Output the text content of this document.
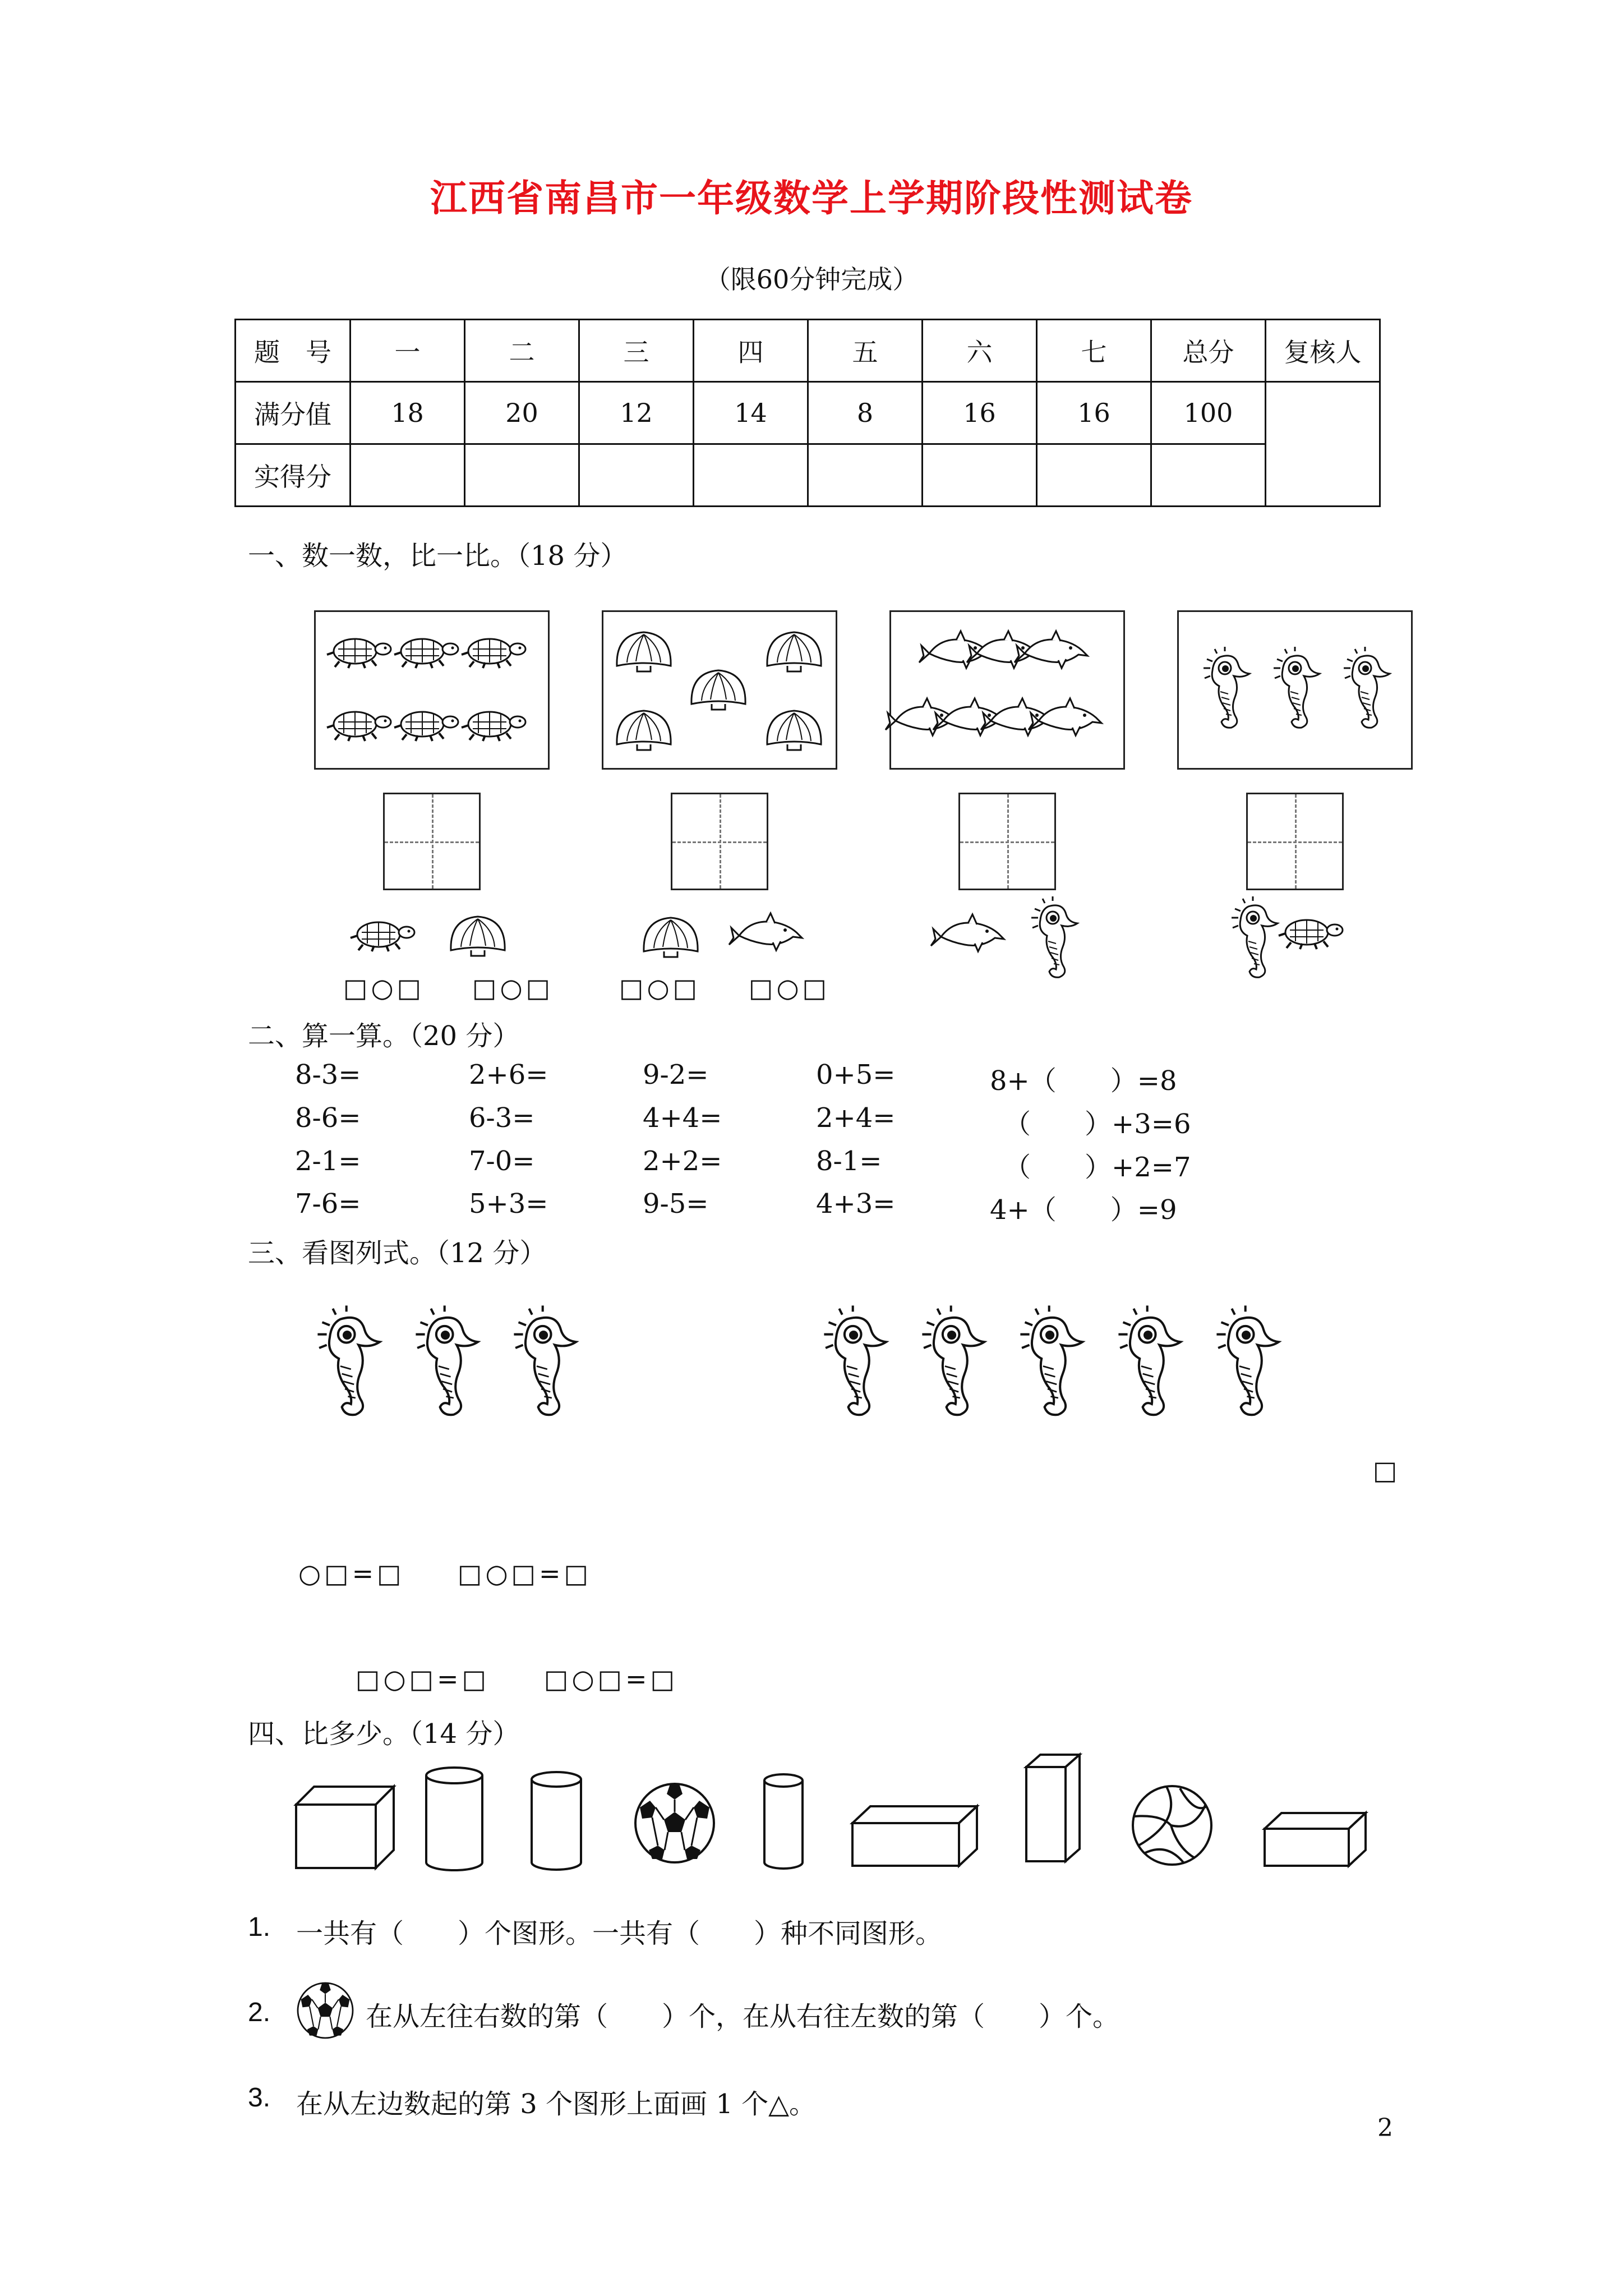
江西省南昌市一年级数学上学期阶段性测试卷
（限60分钟完成）
题　号	一	二	三	四	五	六	七	总分	复核人
满分值	18	20	12	14	8	16	16	100	
实得分									
一、数一数，比一比。（18 分）
□○□ □○□	□○□ □○□
二、算一算。（20 分）
8-3=	2+6=	9-2=	0+5=	8+（　　）=8
8-6=	6-3=	4+4=	2+4=	（　　）+3=6
2-1=	7-0=	2+2=	8-1=	（　　）+2=7
7-6=	5+3=	9-5=	4+3=	4+（　　）=9
三、看图列式。（12 分）
□
○□=□ □○□=□
□○□=□ □○□=□
四、比多少。（14 分）
1. 一共有（　　）个图形。一共有（　　）种不同图形。
2.	在从左往右数的第（　　）个，在从右往左数的第（　　）个。
3. 在从左边数起的第 3 个图形上面画 1 个△。
2
